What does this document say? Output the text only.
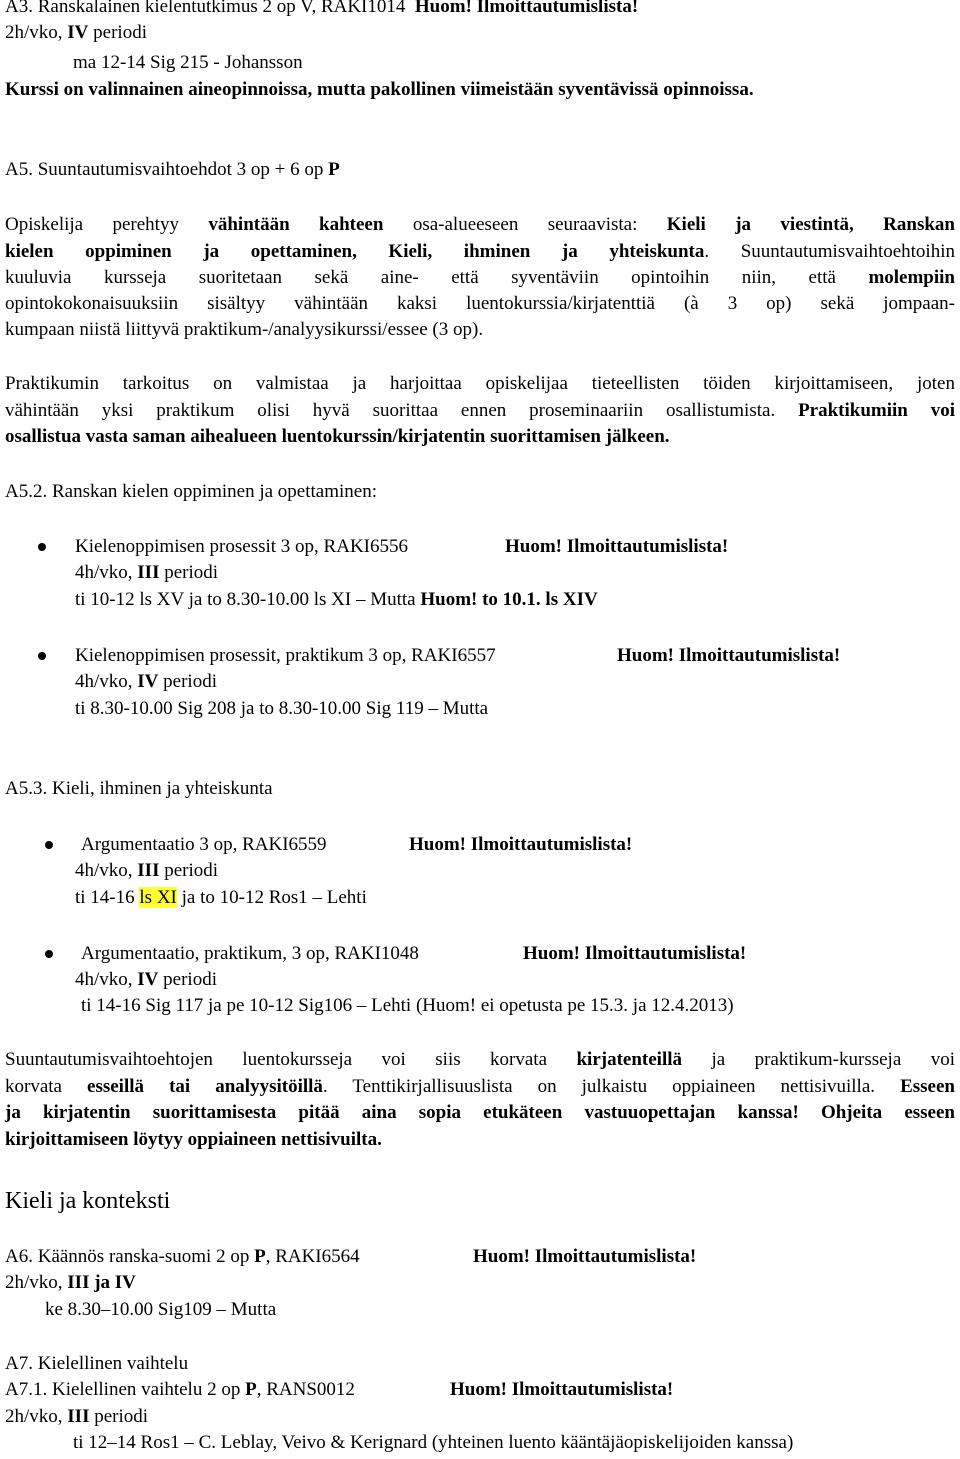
A3. Ranskalainen kielentutkimus 2 op V, RAKI1014 Huom! Ilmoittautumislista!
2h/vko, IV periodi
ma 12-14 Sig 215 - Johansson
Kurssi on valinnainen aineopinnoissa, mutta pakollinen viimeistään syventävissä opinnoissa.
A5. Suuntautumisvaihtoehdot 3 op + 6 op P
Opiskelija perehtyy vähintään kahteen osa-alueeseen seuraavista: Kieli ja viestintä, Ranskan
kielen oppiminen ja opettaminen, Kieli, ihminen ja yhteiskunta. Suuntautumisvaihtoehtoihin
kuuluvia kursseja suoritetaan sekä aine- että syventäviin opintoihin niin, että molempiin
opintokokonaisuuksiin sisältyy vähintään kaksi luentokurssia/kirjatenttiä (à 3 op) sekä jompaan-
kumpaan niistä liittyvä praktikum-/analyysikurssi/essee (3 op).
Praktikumin tarkoitus on valmistaa ja harjoittaa opiskelijaa tieteellisten töiden kirjoittamiseen, joten
vähintään yksi praktikum olisi hyvä suorittaa ennen proseminaariin osallistumista. Praktikumiin voi
osallistua vasta saman aihealueen luentokurssin/kirjatentin suorittamisen jälkeen.
A5.2. Ranskan kielen oppiminen ja opettaminen:
Kielenoppimisen prosessit 3 op, RAKI6556	Huom! Ilmoittautumislista!
4h/vko, III periodi
ti 10-12 ls XV ja to 8.30-10.00 ls XI – Mutta Huom! to 10.1. ls XIV
Kielenoppimisen prosessit, praktikum 3 op, RAKI6557	Huom! Ilmoittautumislista!
4h/vko, IV periodi
ti 8.30-10.00 Sig 208 ja to 8.30-10.00 Sig 119 – Mutta
A5.3. Kieli, ihminen ja yhteiskunta
Argumentaatio 3 op, RAKI6559	Huom! Ilmoittautumislista!
4h/vko, III periodi
ti 14-16 ls XI ja to 10-12 Ros1 – Lehti
Argumentaatio, praktikum, 3 op, RAKI1048	Huom! Ilmoittautumislista!
4h/vko, IV periodi
ti 14-16 Sig 117 ja pe 10-12 Sig106 – Lehti (Huom! ei opetusta pe 15.3. ja 12.4.2013)
Suuntautumisvaihtoehtojen luentokursseja voi siis korvata kirjatenteillä ja praktikum-kursseja voi
korvata esseillä tai analyysitöillä. Tenttikirjallisuuslista on julkaistu oppiaineen nettisivuilla. Esseen
ja kirjatentin suorittamisesta pitää aina sopia etukäteen vastuuopettajan kanssa! Ohjeita esseen
kirjoittamiseen löytyy oppiaineen nettisivuilta.
Kieli ja konteksti
A6. Käännös ranska-suomi 2 op P, RAKI6564	Huom! Ilmoittautumislista!
2h/vko, III ja IV
ke 8.30–10.00 Sig109 – Mutta
A7. Kielellinen vaihtelu
A7.1. Kielellinen vaihtelu 2 op P, RANS0012	Huom! Ilmoittautumislista!
2h/vko, III periodi
ti 12–14 Ros1 – C. Leblay, Veivo & Kerignard (yhteinen luento kääntäjäopiskelijoiden kanssa)
